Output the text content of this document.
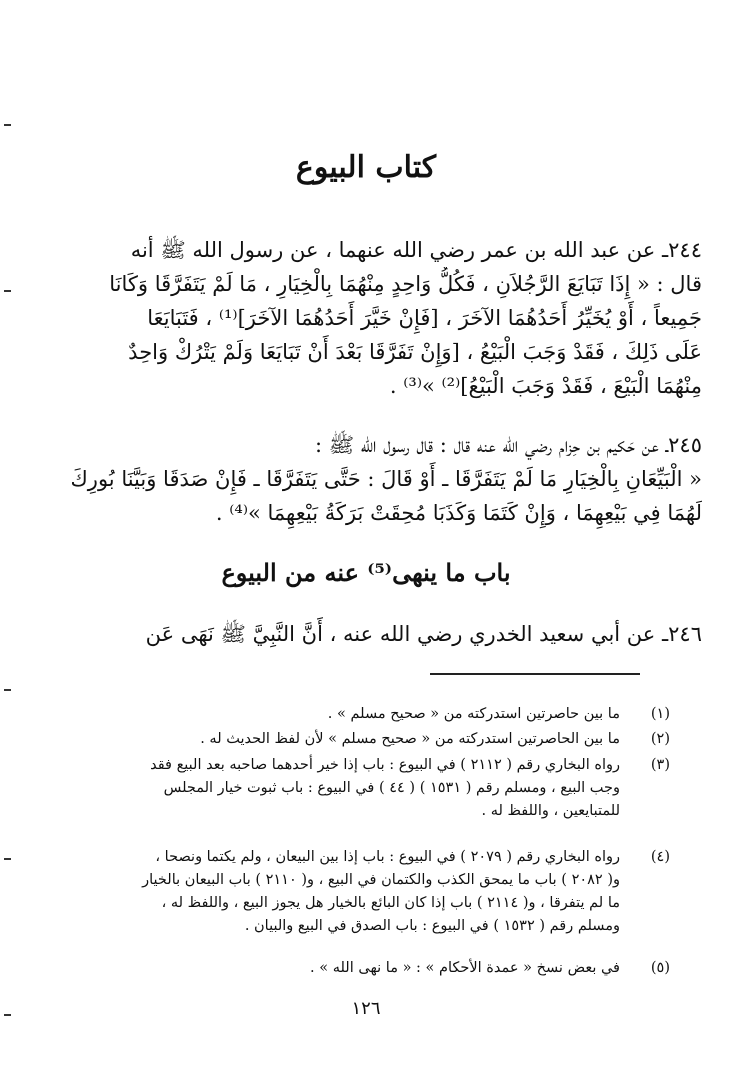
كتاب البيوع
٢٤٤ـ عن عبد الله بن عمر رضي الله عنهما ، عن رسول الله ﷺ أنه
قال : « إِذَا تَبَايَعَ الرَّجُلاَنِ ، فَكُلُّ وَاحِدٍ مِنْهُمَا بِالْخِيَارِ ، مَا لَمْ يَتَفَرَّقَا وَكَانَا
جَمِيعاً ، أَوْ يُخَيِّرُ أَحَدُهُمَا الآخَرَ ، [فَإِنْ خَيَّرَ أَحَدُهُمَا الآخَرَ]⁽¹⁾ ، فَتَبَايَعَا
عَلَى ذَلِكَ ، فَقَدْ وَجَبَ الْبَيْعُ ، [وَإِنْ تَفَرَّقَا بَعْدَ أَنْ تَبَايَعَا وَلَمْ يَتْرُكْ وَاحِدٌ
مِنْهُمَا الْبَيْعَ ، فَقَدْ وَجَبَ الْبَيْعُ]⁽²⁾ »⁽³⁾ .
٢٤٥ـ عن حَكيم بن حِزام رضي الله عنه قال : قال رسول الله ﷺ :
« الْبَيِّعَانِ بِالْخِيَارِ مَا لَمْ يَتَفَرَّقَا ـ أَوْ قَالَ : حَتَّى يَتَفَرَّقَا ـ فَإِنْ صَدَقَا وَبَيَّنَا بُورِكَ
لَهُمَا فِي بَيْعِهِمَا ، وَإِنْ كَتَمَا وَكَذَبَا مُحِقَتْ بَرَكَةُ بَيْعِهِمَا »⁽⁴⁾ .
باب ما ينهى⁽⁵⁾ عنه من البيوع
٢٤٦ـ عن أبي سعيد الخدري رضي الله عنه ، أَنَّ النَّبِيَّ ﷺ نَهَى عَن
(١)
ما بين حاصرتين استدركته من « صحيح مسلم » .
(٢)
ما بين الحاصرتين استدركته من « صحيح مسلم » لأن لفظ الحديث له .
(٣)
رواه البخاري رقم ( ٢١١٢ ) في البيوع : باب إذا خير أحدهما صاحبه بعد البيع فقد
وجب البيع ، ومسلم رقم ( ١٥٣١ ) ( ٤٤ ) في البيوع : باب ثبوت خيار المجلس
للمتبايعين ، واللفظ له .
(٤)
رواه البخاري رقم ( ٢٠٧٩ ) في البيوع : باب إذا بين البيعان ، ولم يكتما ونصحا ،
و( ٢٠٨٢ ) باب ما يمحق الكذب والكتمان في البيع ، و( ٢١١٠ ) باب البيعان بالخيار
ما لم يتفرقا ، و( ٢١١٤ ) باب إذا كان البائع بالخيار هل يجوز البيع ، واللفظ له ،
ومسلم رقم ( ١٥٣٢ ) في البيوع : باب الصدق في البيع والبيان .
(٥)
في بعض نسخ « عمدة الأحكام » : « ما نهى الله » .
١٢٦
